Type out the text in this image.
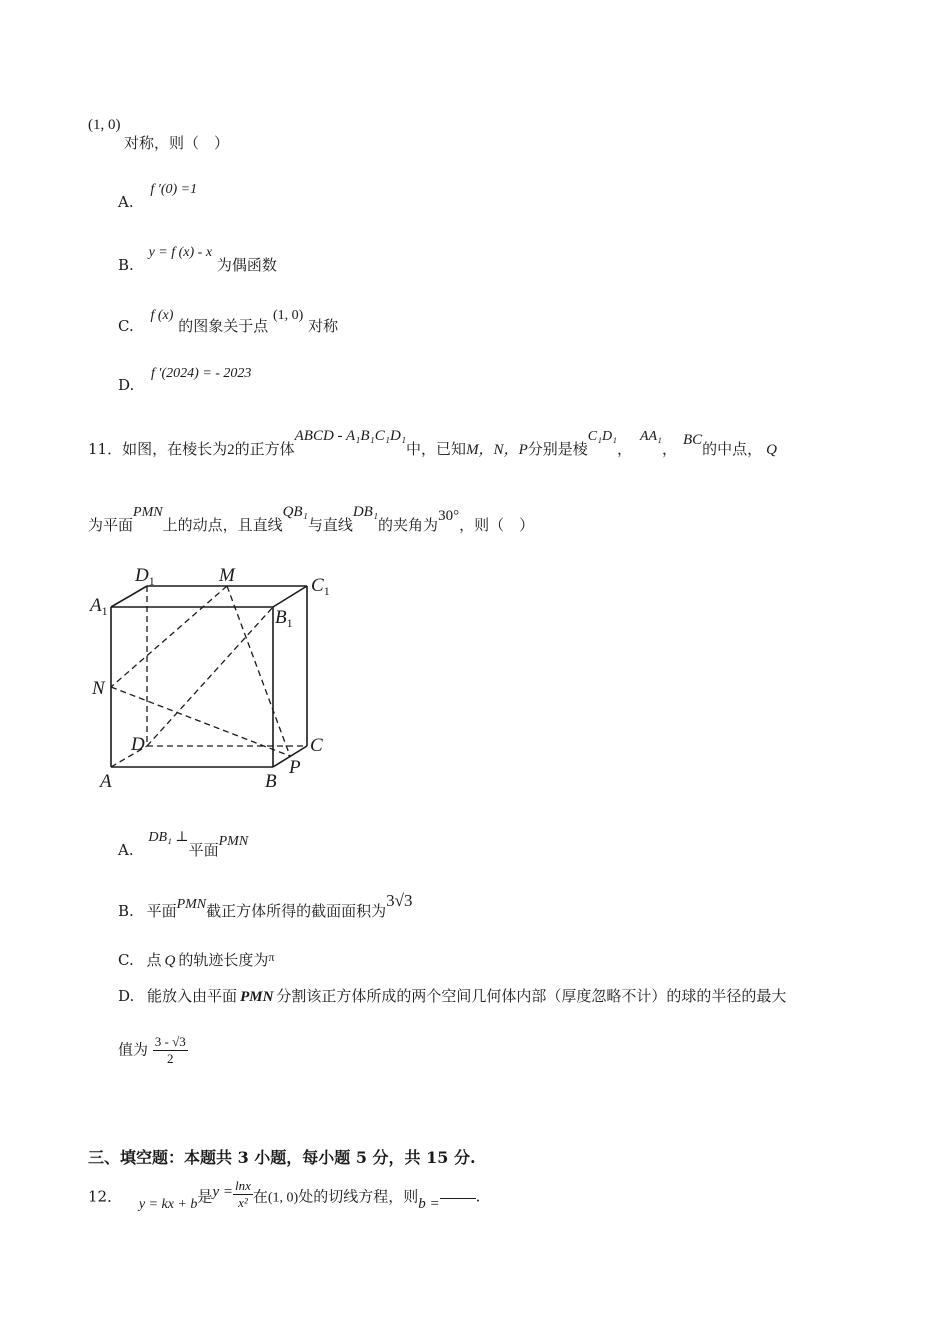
(1, 0)
对称，则（　）
A. f ′(0) =1
B. y = f (x) - x 为偶函数
C. f (x) 的图象关于点 (1, 0) 对称
D. f ′(2024) = - 2023
11．如图，在棱长为2的正方体ABCD - A₁B₁C₁D₁中，已知M，N，P分别是棱C₁D₁，AA₁， BC的中点， Q
为平面PMN上的动点，且直线QB₁与直线DB₁的夹角为30°，则（　）
$D_1$	M	$C_1$
$A_1$	$B_1$
N
D	C
P
A	B
A. DB₁ ⊥平面PMN
B. 平面PMN截正方体所得的截面面积为3√3
C. 点 Q 的轨迹长度为$^\pi$
D. 能放入由平面 PMN 分割该正方体所成的两个空间几何体内部（厚度忽略不计）的球的半径的最大
值为 $\frac{3 - √3}{2}$
三、填空题：本题共 3 小题，每小题 5 分，共 15 分.
12． y = kx + b是$y = \frac{\ln x}{\text{x²}}$ 在(1, 0)处的切线方程，则b = .
